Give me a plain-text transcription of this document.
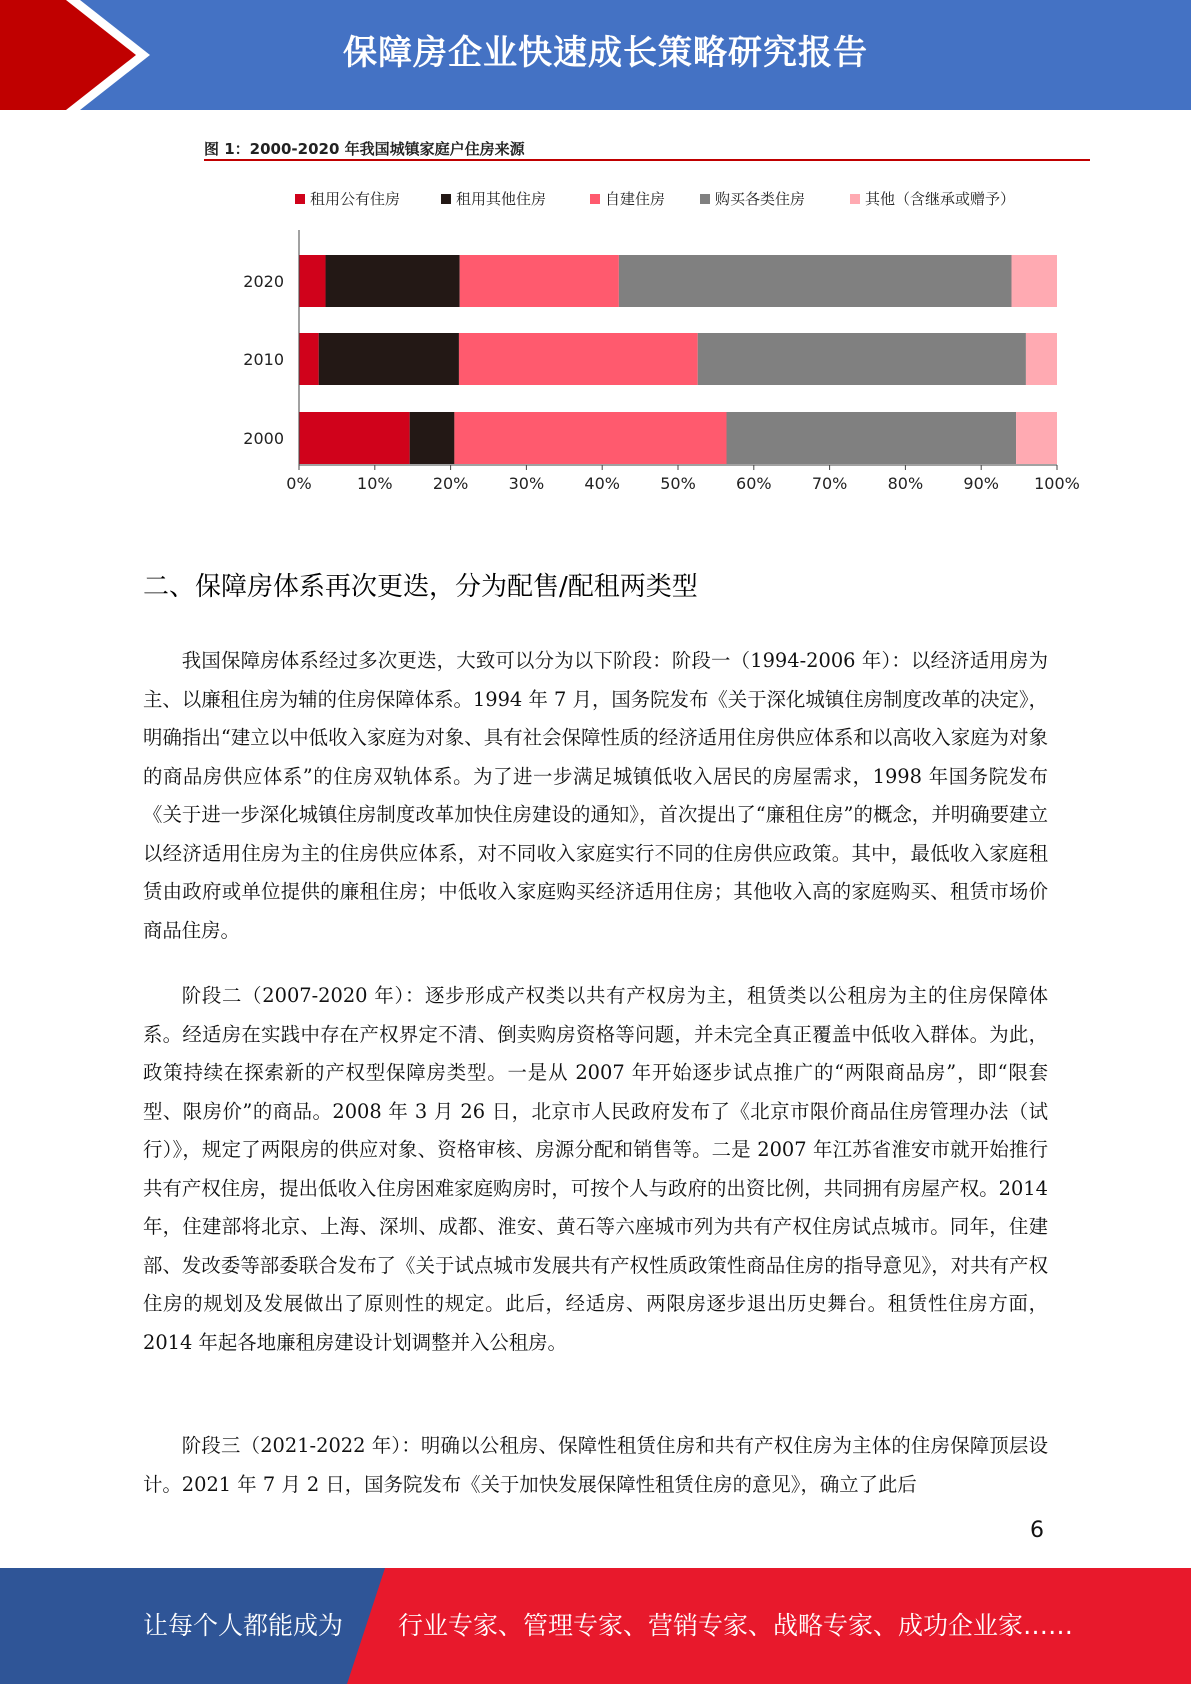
保障房企业快速成长策略研究报告
图 1：2000-2020 年我国城镇家庭户住房来源
租用公有住房	租用其他住房	自建住房	购买各类住房	其他（含继承或赠予）
2020
2010
2000
0%	10%	20%	30%	40%	50%	60%	70%	80%	90% 100%
二、保障房体系再次更迭，分为配售/配租两类型

我国保障房体系经过多次更迭，大致可以分为以下阶段：阶段一（1994-2006 年）：以经济适用房为主、以廉租住房为辅的住房保障体系。1994 年 7 月，国务院发布《关于深化城镇住房制度改革的决定》，明确指出“建立以中低收入家庭为对象、具有社会保障性质的经济适用住房供应体系和以高收入家庭为对象的商品房供应体系”的住房双轨体系。为了进一步满足城镇低收入居民的房屋需求，1998 年国务院发布《关于进一步深化城镇住房制度改革加快住房建设的通知》，首次提出了“廉租住房”的概念，并明确要建立以经济适用住房为主的住房供应体系，对不同收入家庭实行不同的住房供应政策。其中，最低收入家庭租赁由政府或单位提供的廉租住房；中低收入家庭购买经济适用住房；其他收入高的家庭购买、租赁市场价商品住房。

阶段二（2007-2020 年）：逐步形成产权类以共有产权房为主，租赁类以公租房为主的住房保障体系。经适房在实践中存在产权界定不清、倒卖购房资格等问题，并未完全真正覆盖中低收入群体。为此，政策持续在探索新的产权型保障房类型。一是从 2007 年开始逐步试点推广的“两限商品房”，即“限套型、限房价”的商品。2008 年 3 月 26 日，北京市人民政府发布了《北京市限价商品住房管理办法（试行）》，规定了两限房的供应对象、资格审核、房源分配和销售等。二是 2007 年江苏省淮安市就开始推行共有产权住房，提出低收入住房困难家庭购房时，可按个人与政府的出资比例，共同拥有房屋产权。2014 年，住建部将北京、上海、深圳、成都、淮安、黄石等六座城市列为共有产权住房试点城市。同年，住建部、发改委等部委联合发布了《关于试点城市发展共有产权性质政策性商品住房的指导意见》，对共有产权住房的规划及发展做出了原则性的规定。此后，经适房、两限房逐步退出历史舞台。租赁性住房方面，2014 年起各地廉租房建设计划调整并入公租房。

阶段三（2021-2022 年）：明确以公租房、保障性租赁住房和共有产权住房为主体的住房保障顶层设计。2021 年 7 月 2 日，国务院发布《关于加快发展保障性租赁住房的意见》，确立了此后

6
让每个人都能成为 行业专家、管理专家、营销专家、战略专家、成功企业家……
